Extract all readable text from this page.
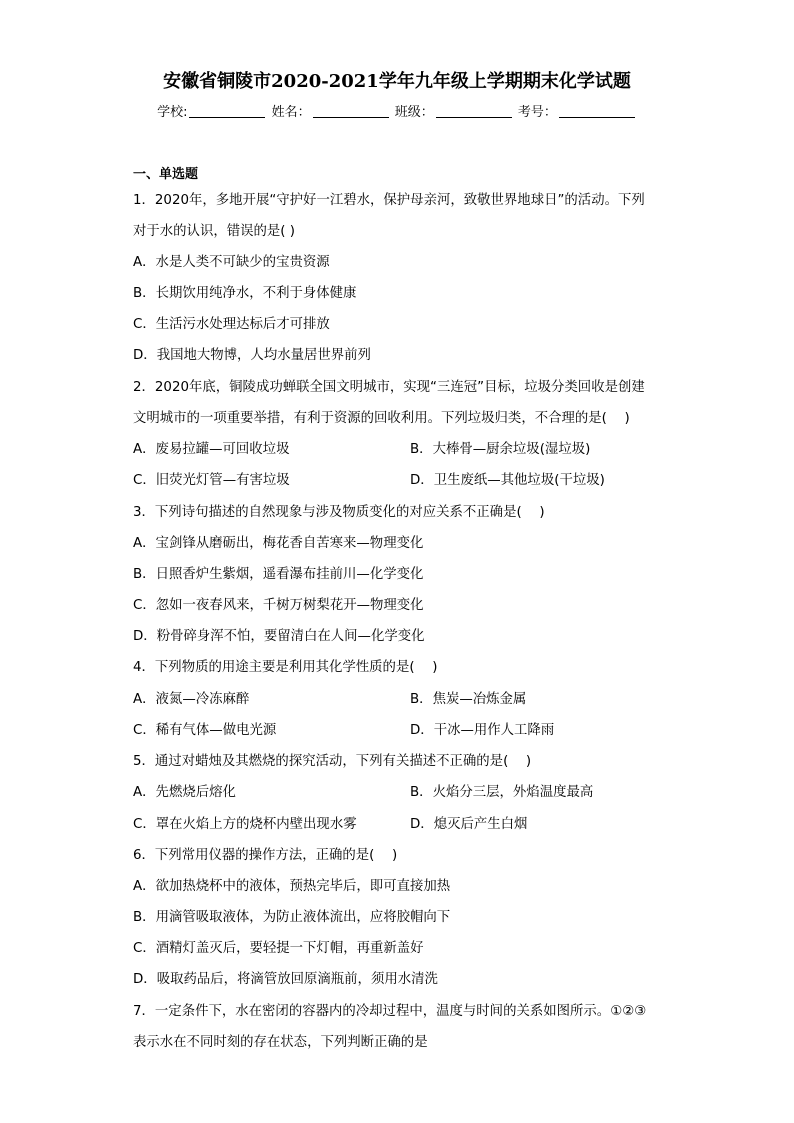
安徽省铜陵市2020-2021学年九年级上学期期末化学试题
学校:	姓名：	班级：	考号：
一、单选题
1．2020年，多地开展“守护好一江碧水，保护母亲河，致敬世界地球日”的活动。下列
对于水的认识，错误的是( )
A．水是人类不可缺少的宝贵资源
B．长期饮用纯净水，不利于身体健康
C．生活污水处理达标后才可排放
D．我国地大物博，人均水量居世界前列
2．2020年底，铜陵成功蝉联全国文明城市，实现“三连冠”目标，垃圾分类回收是创建
文明城市的一项重要举措，有利于资源的回收利用。下列垃圾归类，不合理的是(　 )
A．废易拉罐—可回收垃圾	B．大棒骨—厨余垃圾(湿垃圾)
C．旧荧光灯管—有害垃圾	D．卫生废纸—其他垃圾(干垃圾)
3．下列诗句描述的自然现象与涉及物质变化的对应关系不正确是(　 )
A．宝剑锋从磨砺出，梅花香自苦寒来—物理变化
B．日照香炉生紫烟，遥看瀑布挂前川—化学变化
C．忽如一夜春风来，千树万树梨花开—物理变化
D．粉骨碎身浑不怕，要留清白在人间—化学变化
4．下列物质的用途主要是利用其化学性质的是(　 )
A．液氮—冷冻麻醉	B．焦炭—冶炼金属
C．稀有气体—做电光源	D．干冰—用作人工降雨
5．通过对蜡烛及其燃烧的探究活动，下列有关描述不正确的是(　 )
A．先燃烧后熔化	B．火焰分三层，外焰温度最高
C．罩在火焰上方的烧杯内壁出现水雾	D．熄灭后产生白烟
6．下列常用仪器的操作方法，正确的是(　 )
A．欲加热烧杯中的液体，预热完毕后，即可直接加热
B．用滴管吸取液体，为防止液体流出，应将胶帽向下
C．酒精灯盖灭后，要轻提一下灯帽，再重新盖好
D．吸取药品后，将滴管放回原滴瓶前，须用水清洗
7．一定条件下，水在密闭的容器内的冷却过程中，温度与时间的关系如图所示。①②③
表示水在不同时刻的存在状态，下列判断正确的是
